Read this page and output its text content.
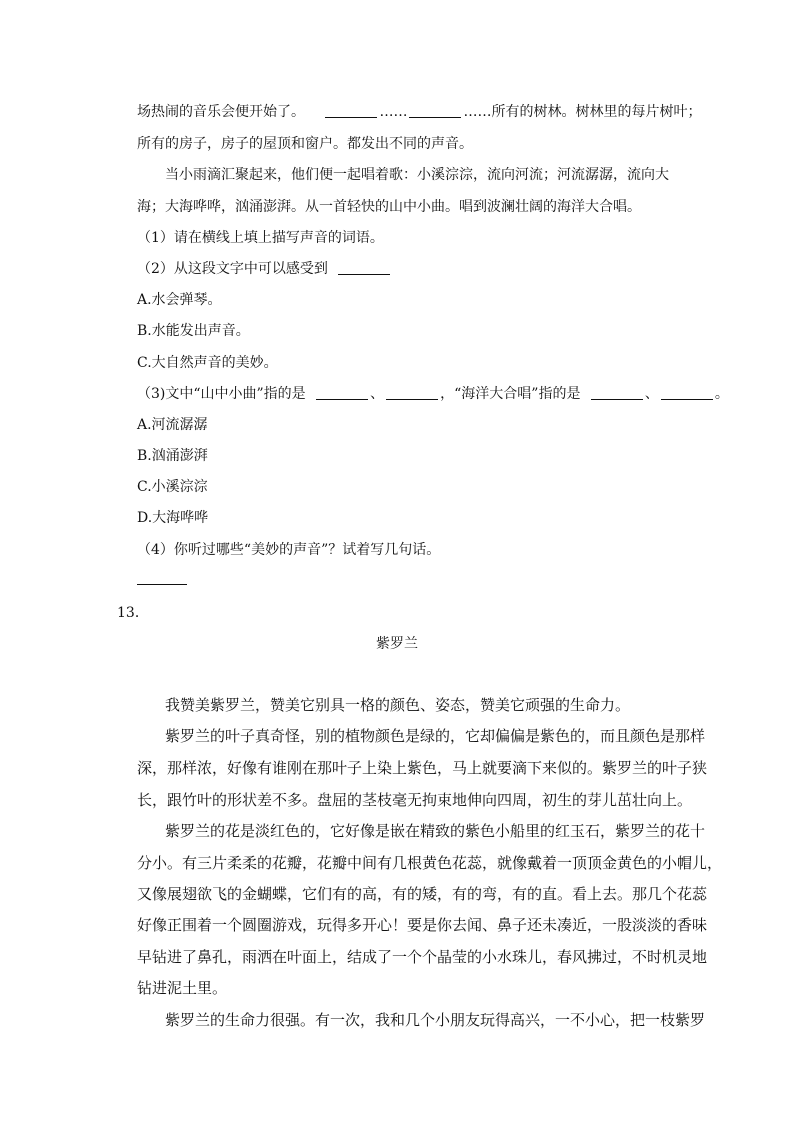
场热闹的音乐会便开始了。	……	……所有的树林。树林里的每片树叶；
所有的房子，房子的屋顶和窗户。都发出不同的声音。
当小雨滴汇聚起来，他们便一起唱着歌：小溪淙淙，流向河流；河流潺潺，流向大
海；大海哗哗，汹涌澎湃。从一首轻快的山中小曲。唱到波澜壮阔的海洋大合唱。
（1）请在横线上填上描写声音的词语。
（2）从这段文字中可以感受到
A.水会弹琴。
B.水能发出声音。
C.大自然声音的美妙。
（3)文中“山中小曲”指的是	、	，“海洋大合唱”指的是	、	。
A.河流潺潺
B.汹涌澎湃
C.小溪淙淙
D.大海哗哗
（4）你听过哪些“美妙的声音”？试着写几句话。
13．
紫罗兰
我赞美紫罗兰，赞美它别具一格的颜色、姿态，赞美它顽强的生命力。
紫罗兰的叶子真奇怪，别的植物颜色是绿的，它却偏偏是紫色的，而且颜色是那样
深，那样浓，好像有谁刚在那叶子上染上紫色，马上就要滴下来似的。紫罗兰的叶子狭
长，跟竹叶的形状差不多。盘屈的茎枝毫无拘束地伸向四周，初生的芽儿茁壮向上。
紫罗兰的花是淡红色的，它好像是嵌在精致的紫色小船里的红玉石，紫罗兰的花十
分小。有三片柔柔的花瓣，花瓣中间有几根黄色花蕊，就像戴着一顶顶金黄色的小帽儿，
又像展翅欲飞的金蝴蝶，它们有的高，有的矮，有的弯，有的直。看上去。那几个花蕊
好像正围着一个圆圈游戏，玩得多开心！要是你去闻、鼻子还未凑近，一股淡淡的香味
早钻进了鼻孔，雨洒在叶面上，结成了一个个晶莹的小水珠儿，春风拂过，不时机灵地
钻进泥土里。
紫罗兰的生命力很强。有一次，我和几个小朋友玩得高兴，一不小心，把一枝紫罗
